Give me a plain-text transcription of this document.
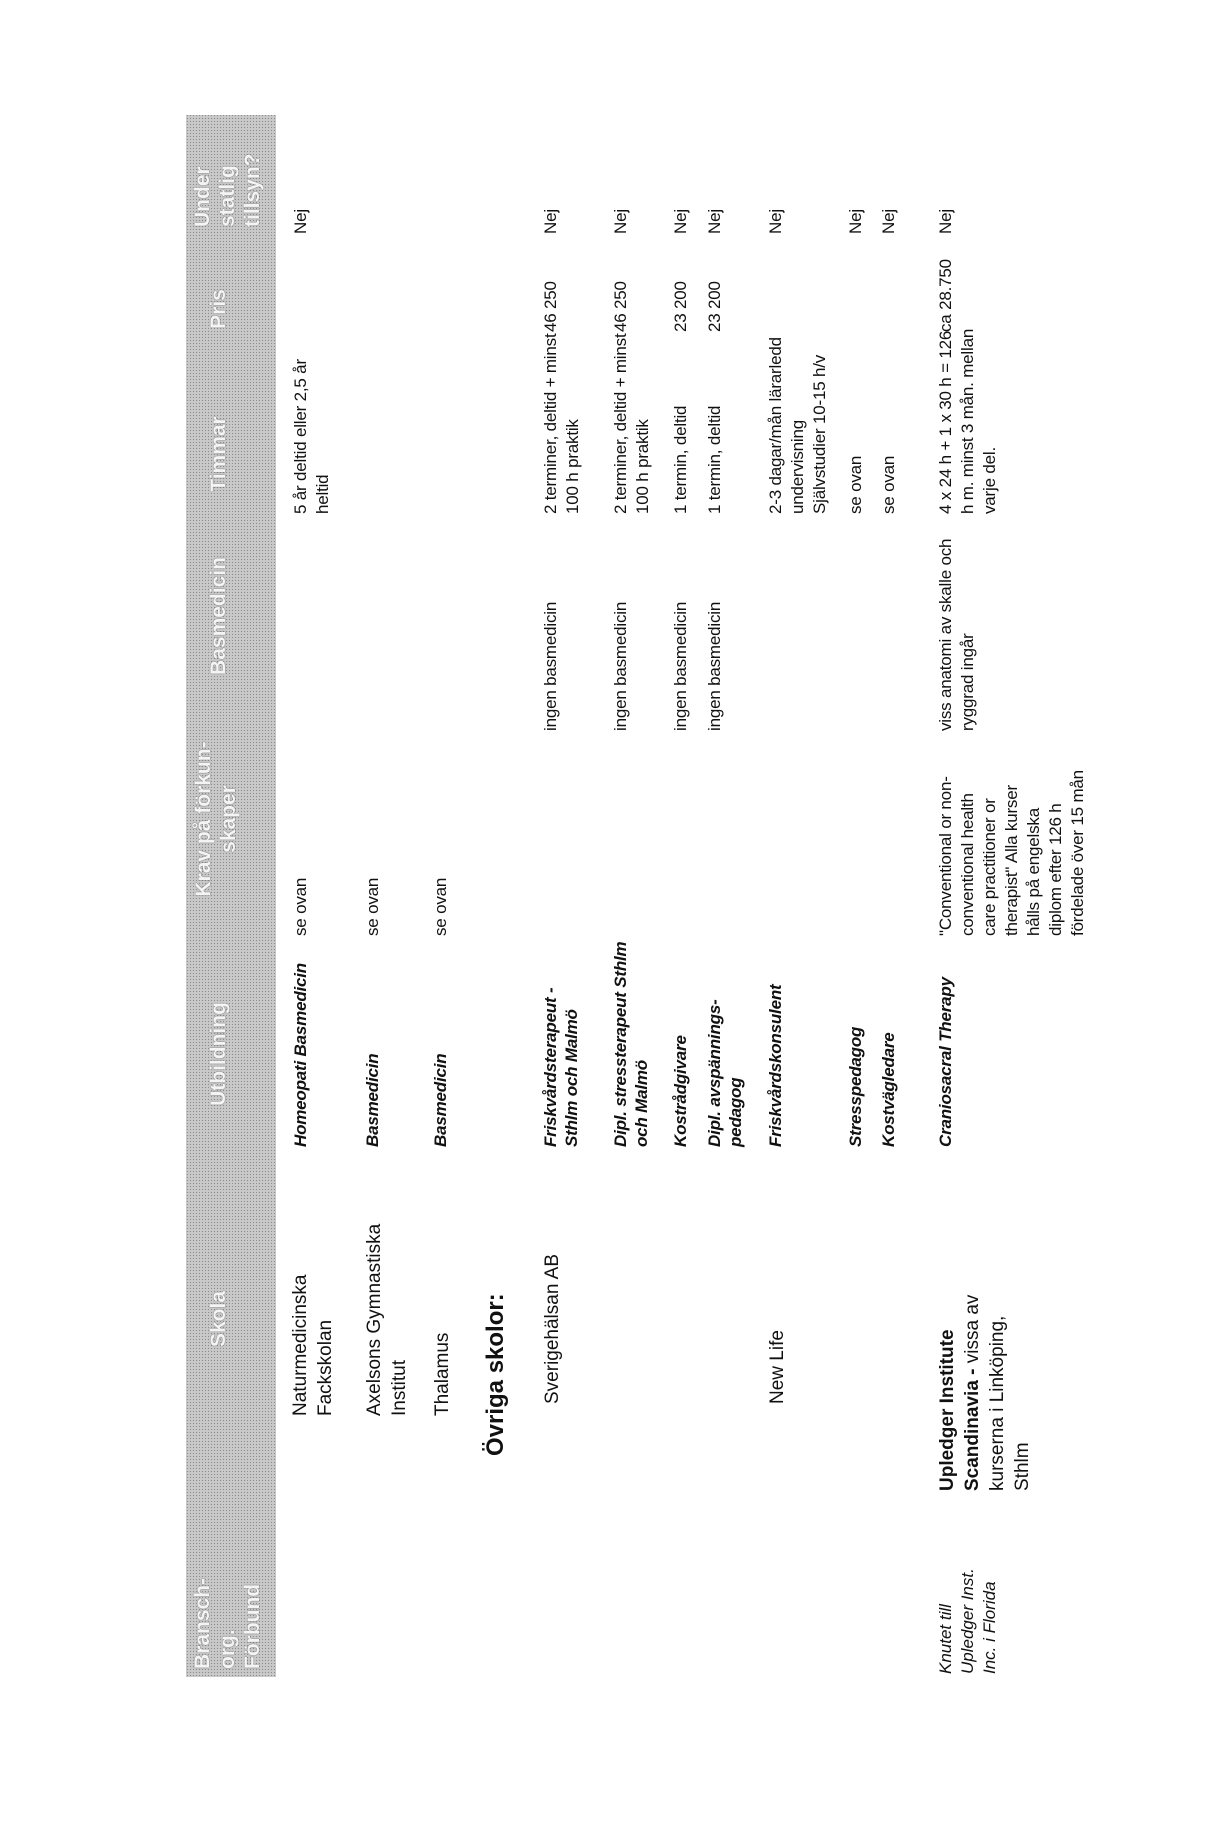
Bransch-
org.
Förbund
Skola
Utbildning
Krav på förkun-
skaper
Basmedicin
Timmar
Pris
Under
statlig
tillsyn?
Naturmedicinska
Fackskolan
Homeopati Basmedicin
se ovan
5 år deltid eller 2,5 år
heltid
Nej
Axelsons Gymnastiska
Institut
Basmedicin
se ovan
Thalamus
Basmedicin
se ovan
Övriga skolor: Sverigehälsan AB
Friskvårdsterapeut -
Sthlm och Malmö
ingen basmedicin
2 terminer, deltid + minst
100 h praktik
46 250
Nej
Dipl. stressterapeut Sthlm
och Malmö
ingen basmedicin
2 terminer, deltid + minst
100 h praktik
46 250
Nej
Kostrådgivare
ingen basmedicin
1 termin, deltid
23 200
Nej
Dipl. avspännings-
pedagog
ingen basmedicin
1 termin, deltid
23 200
Nej
New Life
Friskvårdskonsulent
2-3 dagar/mån lärarledd
undervisning
Självstudier 10-15 h/v
Nej
Stresspedagog
se ovan
Nej
Kostvägledare
se ovan
Nej
Knutet till
Upledger Inst.
Inc. i Florida
Upledger Institute
Scandinavia - vissa av
kurserna i Linköping,
Sthlm
Craniosacral Therapy
"Conventional or non-
conventional health
care practitioner or
therapist" Alla kurser
hålls på engelska
diplom efter 126 h
fördelade över 15 mån
viss anatomi av skalle och
ryggrad ingår
4 x 24 h + 1 x 30 h = 126
h m. minst 3 mån. mellan
varje del.
ca 28.750
Nej
